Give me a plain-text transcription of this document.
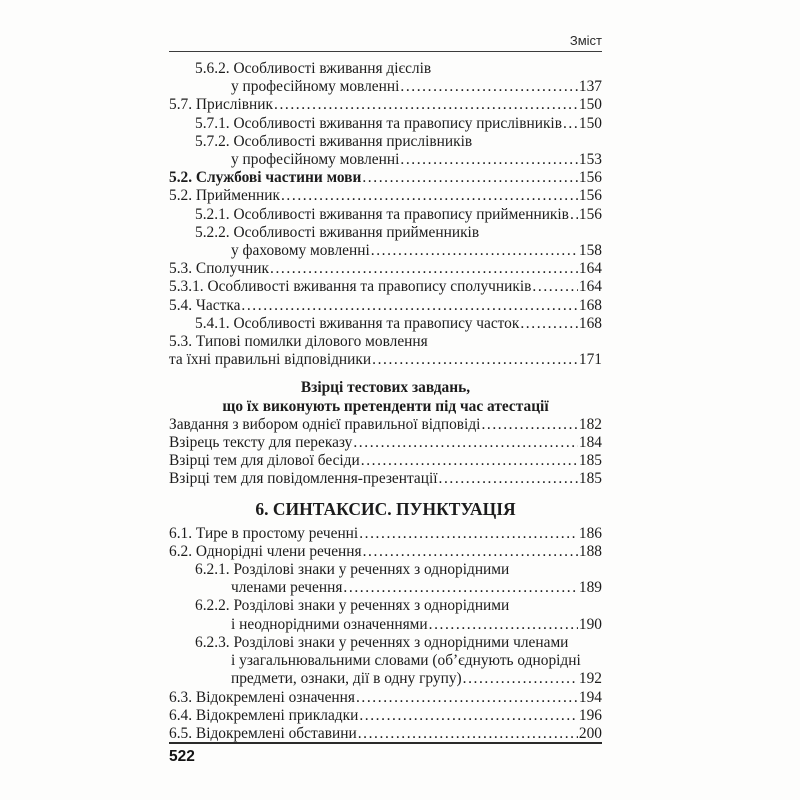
Зміст
5.6.2. Особливості вживання дієслів
у професійному мовленні .....	137
5.7. Прислівник .....	150
5.7.1. Особливості вживання та правопису прислівників ..... 150
5.7.2. Особливості вживання прислівників
у професійному мовленні .....	153
5.2. Службові частини мови .....	156
5.2. Прийменник .....	156
5.2.1. Особливості вживання та правопису прийменників ..... 156
5.2.2. Особливості вживання прийменників
у фаховому мовленні .....	158
5.3. Сполучник .....	164
5.3.1. Особливості вживання та правопису сполучників .....	164
5.4. Частка .....	168
5.4.1. Особливості вживання та правопису часток .....	168
5.3. Типові помилки ділового мовлення
та їхні правильні відповідники .....	171
Взірці тестових завдань,
що їх виконують претенденти під час атестації
Завдання з вибором однієї правильної відповіді .....	182
Взірець тексту для переказу .....	184
Взірці тем для ділової бесіди .....	185
Взірці тем для повідомлення-презентації .....	185
6. СИНТАКСИС. ПУНКТУАЦІЯ
6.1. Тире в простому реченні .....	186
6.2. Однорідні члени речення .....	188
6.2.1. Розділові знаки у реченнях з однорідними
членами речення .....	189
6.2.2. Розділові знаки у реченнях з однорідними
і неоднорідними означеннями .....	190
6.2.3. Розділові знаки у реченнях з однорідними членами
і узагальнювальними словами (об’єднують однорідні
предмети, ознаки, дії в одну групу) .....	192
6.3. Відокремлені означення .....	194
6.4. Відокремлені прикладки .....	196
6.5. Відокремлені обставини .....	200
522
